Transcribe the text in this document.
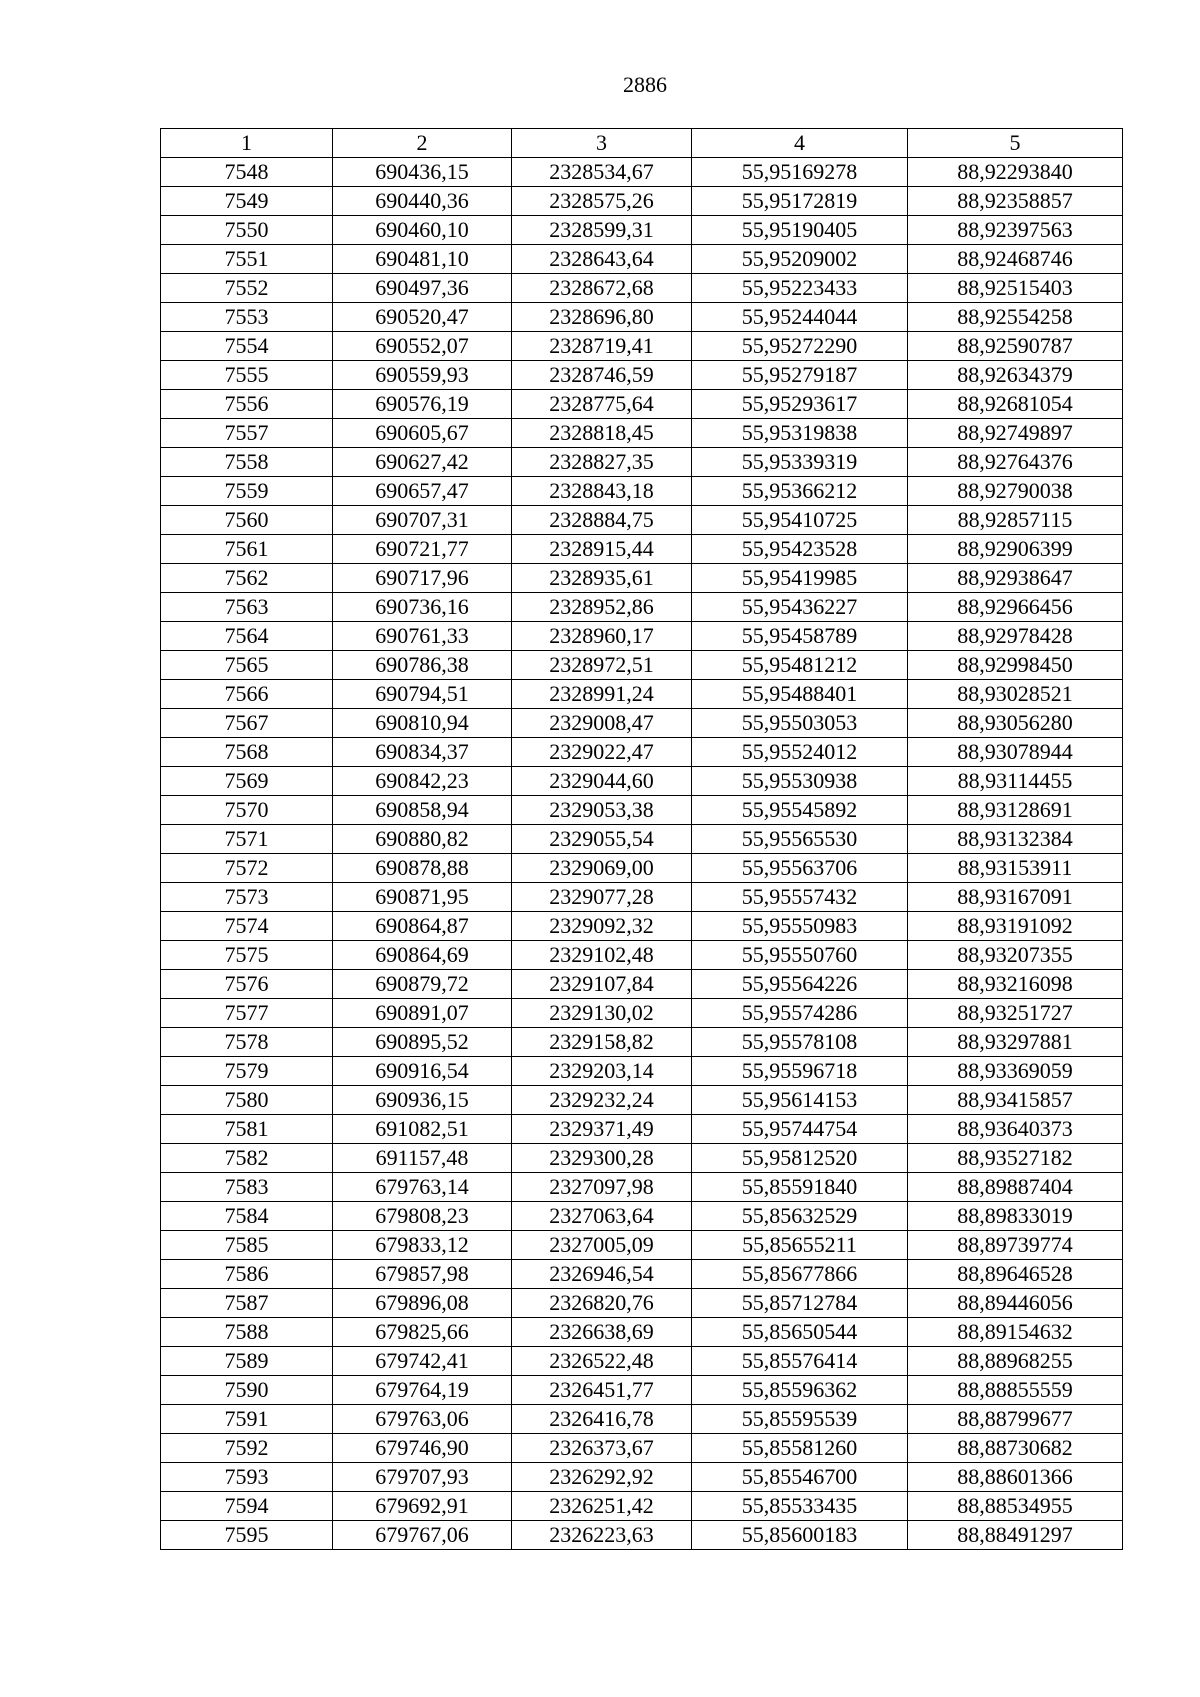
2886
1	2	3	4	5
7548	690436,15	2328534,67	55,95169278	88,92293840
7549	690440,36	2328575,26	55,95172819	88,92358857
7550	690460,10	2328599,31	55,95190405	88,92397563
7551	690481,10	2328643,64	55,95209002	88,92468746
7552	690497,36	2328672,68	55,95223433	88,92515403
7553	690520,47	2328696,80	55,95244044	88,92554258
7554	690552,07	2328719,41	55,95272290	88,92590787
7555	690559,93	2328746,59	55,95279187	88,92634379
7556	690576,19	2328775,64	55,95293617	88,92681054
7557	690605,67	2328818,45	55,95319838	88,92749897
7558	690627,42	2328827,35	55,95339319	88,92764376
7559	690657,47	2328843,18	55,95366212	88,92790038
7560	690707,31	2328884,75	55,95410725	88,92857115
7561	690721,77	2328915,44	55,95423528	88,92906399
7562	690717,96	2328935,61	55,95419985	88,92938647
7563	690736,16	2328952,86	55,95436227	88,92966456
7564	690761,33	2328960,17	55,95458789	88,92978428
7565	690786,38	2328972,51	55,95481212	88,92998450
7566	690794,51	2328991,24	55,95488401	88,93028521
7567	690810,94	2329008,47	55,95503053	88,93056280
7568	690834,37	2329022,47	55,95524012	88,93078944
7569	690842,23	2329044,60	55,95530938	88,93114455
7570	690858,94	2329053,38	55,95545892	88,93128691
7571	690880,82	2329055,54	55,95565530	88,93132384
7572	690878,88	2329069,00	55,95563706	88,93153911
7573	690871,95	2329077,28	55,95557432	88,93167091
7574	690864,87	2329092,32	55,95550983	88,93191092
7575	690864,69	2329102,48	55,95550760	88,93207355
7576	690879,72	2329107,84	55,95564226	88,93216098
7577	690891,07	2329130,02	55,95574286	88,93251727
7578	690895,52	2329158,82	55,95578108	88,93297881
7579	690916,54	2329203,14	55,95596718	88,93369059
7580	690936,15	2329232,24	55,95614153	88,93415857
7581	691082,51	2329371,49	55,95744754	88,93640373
7582	691157,48	2329300,28	55,95812520	88,93527182
7583	679763,14	2327097,98	55,85591840	88,89887404
7584	679808,23	2327063,64	55,85632529	88,89833019
7585	679833,12	2327005,09	55,85655211	88,89739774
7586	679857,98	2326946,54	55,85677866	88,89646528
7587	679896,08	2326820,76	55,85712784	88,89446056
7588	679825,66	2326638,69	55,85650544	88,89154632
7589	679742,41	2326522,48	55,85576414	88,88968255
7590	679764,19	2326451,77	55,85596362	88,88855559
7591	679763,06	2326416,78	55,85595539	88,88799677
7592	679746,90	2326373,67	55,85581260	88,88730682
7593	679707,93	2326292,92	55,85546700	88,88601366
7594	679692,91	2326251,42	55,85533435	88,88534955
7595	679767,06	2326223,63	55,85600183	88,88491297
